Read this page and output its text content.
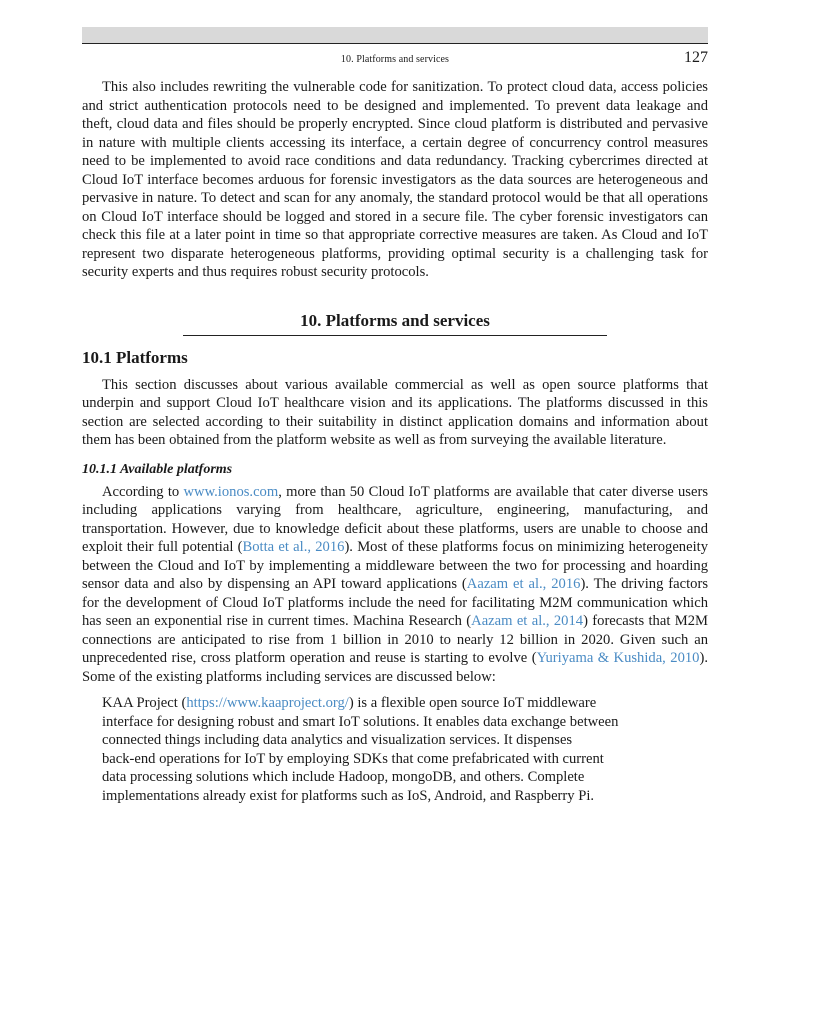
10. Platforms and services	127

This also includes rewriting the vulnerable code for sanitization. To protect cloud data, access policies and strict authentication protocols need to be designed and implemented. To prevent data leakage and theft, cloud data and files should be properly encrypted. Since cloud platform is distributed and pervasive in nature with multiple clients accessing its interface, a certain degree of concurrency control measures need to be implemented to avoid race conditions and data redundancy. Tracking cybercrimes directed at Cloud IoT interface becomes arduous for forensic investigators as the data sources are heterogeneous and pervasive in nature. To detect and scan for any anomaly, the standard protocol would be that all operations on Cloud IoT interface should be logged and stored in a secure file. The cyber forensic investigators can check this file at a later point in time so that appropriate corrective measures are taken. As Cloud and IoT represent two disparate heterogeneous platforms, providing optimal security is a challenging task for security experts and thus requires robust security protocols.

10. Platforms and services
10.1 Platforms

This section discusses about various available commercial as well as open source platforms that underpin and support Cloud IoT healthcare vision and its applications. The platforms discussed in this section are selected according to their suitability in distinct application domains and information about them has been obtained from the platform website as well as from surveying the available literature.

10.1.1 Available platforms

According to www.ionos.com, more than 50 Cloud IoT platforms are available that cater diverse users including applications varying from healthcare, agriculture, engineering, manufacturing, and transportation. However, due to knowledge deficit about these platforms, users are unable to choose and exploit their full potential (Botta et al., 2016). Most of these platforms focus on minimizing heterogeneity between the Cloud and IoT by implementing a middleware between the two for processing and hoarding sensor data and also by dispensing an API toward applications (Aazam et al., 2016). The driving factors for the development of Cloud IoT platforms include the need for facilitating M2M communication which has seen an exponential rise in current times. Machina Research (Aazam et al., 2014) forecasts that M2M connections are anticipated to rise from 1 billion in 2010 to nearly 12 billion in 2020. Given such an unprecedented rise, cross platform operation and reuse is starting to evolve (Yuriyama & Kushida, 2010). Some of the existing platforms including services are discussed below:

KAA Project (https://www.kaaproject.org/) is a flexible open source IoT middleware
interface for designing robust and smart IoT solutions. It enables data exchange between
connected things including data analytics and visualization services. It dispenses
back-end operations for IoT by employing SDKs that come prefabricated with current
data processing solutions which include Hadoop, mongoDB, and others. Complete
implementations already exist for platforms such as IoS, Android, and Raspberry Pi.
